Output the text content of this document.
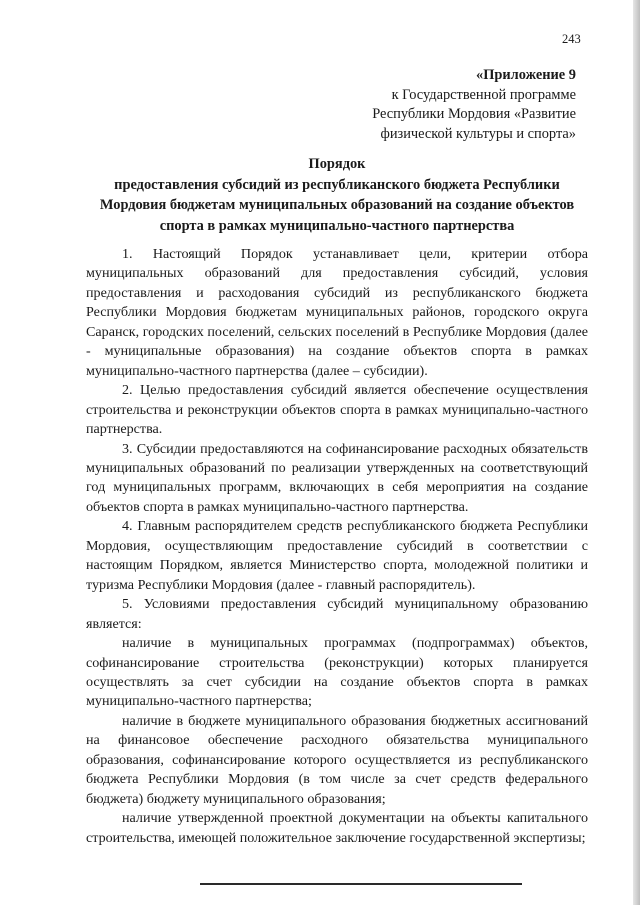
243
«Приложение 9
к Государственной программе
Республики Мордовия «Развитие
физической культуры и спорта»
Порядок
предоставления субсидий из республиканского бюджета Республики
Мордовия бюджетам муниципальных образований на создание объектов
спорта в рамках муниципально-частного партнерства

1. Настоящий Порядок устанавливает цели, критерии отбора муниципальных образований для предоставления субсидий, условия предоставления и расходования субсидий из республиканского бюджета Республики Мордовия бюджетам муниципальных районов, городского округа Саранск, городских поселений, сельских поселений в Республике Мордовия (далее - муниципальные образования) на создание объектов спорта в рамках муниципально-частного партнерства (далее – субсидии).

2. Целью предоставления субсидий является обеспечение осуществления строительства и реконструкции объектов спорта в рамках муниципально-частного партнерства.

3. Субсидии предоставляются на софинансирование расходных обязательств муниципальных образований по реализации утвержденных на соответствующий год муниципальных программ, включающих в себя мероприятия на создание объектов спорта в рамках муниципально-частного партнерства.

4. Главным распорядителем средств республиканского бюджета Республики Мордовия, осуществляющим предоставление субсидий в соответствии с настоящим Порядком, является Министерство спорта, молодежной политики и туризма Республики Мордовия (далее - главный распорядитель).

5. Условиями предоставления субсидий муниципальному образованию является:

наличие в муниципальных программах (подпрограммах) объектов, софинансирование строительства (реконструкции) которых планируется осуществлять за счет субсидии на создание объектов спорта в рамках муниципально-частного партнерства;

наличие в бюджете муниципального образования бюджетных ассигнований на финансовое обеспечение расходного обязательства муниципального образования, софинансирование которого осуществляется из республиканского бюджета Республики Мордовия (в том числе за счет средств федерального бюджета) бюджету муниципального образования;

наличие утвержденной проектной документации на объекты капитального строительства, имеющей положительное заключение государственной экспертизы;
